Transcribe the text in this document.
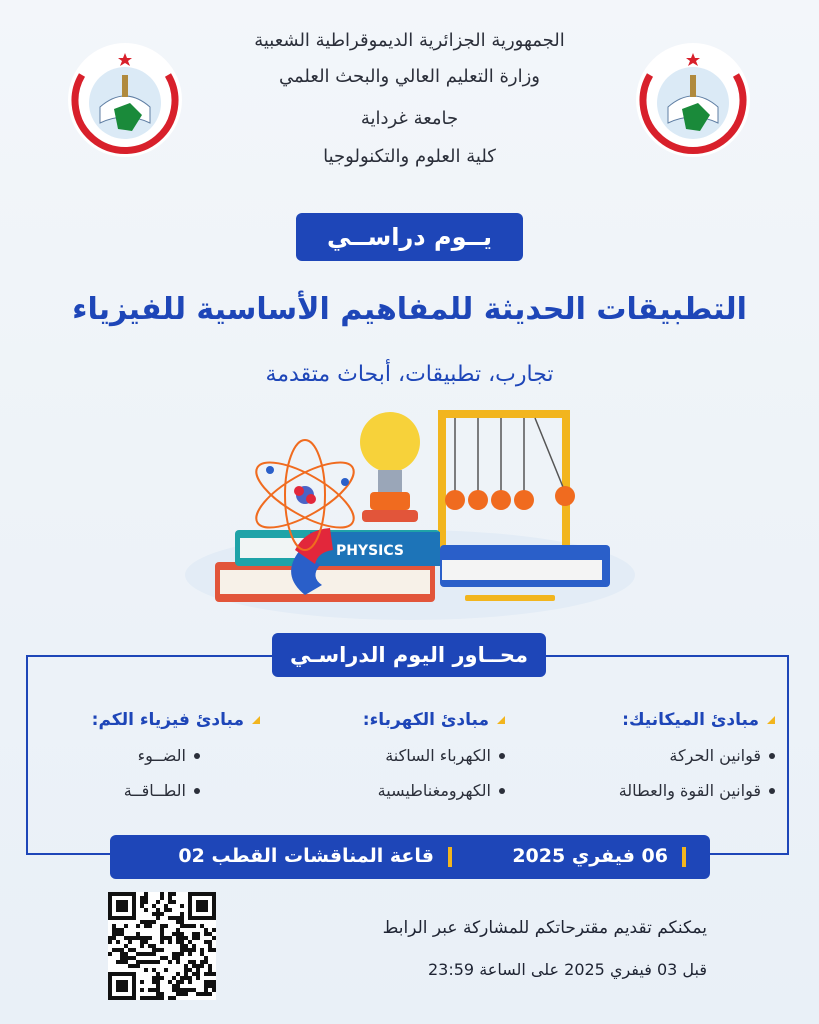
الجمهورية الجزائرية الديموقراطية الشعبية
وزارة التعليم العالي والبحث العلمي
جامعة غرداية
كلية العلوم والتكنولوجيا
يــوم دراســي
التطبيقات الحديثة للمفاهيم الأساسية للفيزياء
تجارب، تطبيقات، أبحاث متقدمة
PHYSICS
محــاور اليوم الدراسـي
مبادئ الميكانيك:
قوانين الحركة
قوانين القوة والعطالة
مبادئ الكهرباء:
الكهرباء الساكنة
الكهرومغناطيسية
مبادئ فيزياء الكم:
الضــوء
الطــاقــة
06 فيفري 2025
قاعة المناقشات القطب 02
يمكنكم تقديم مقترحاتكم للمشاركة عبر الرابط
قبل 03 فيفري 2025 على الساعة 23:59
